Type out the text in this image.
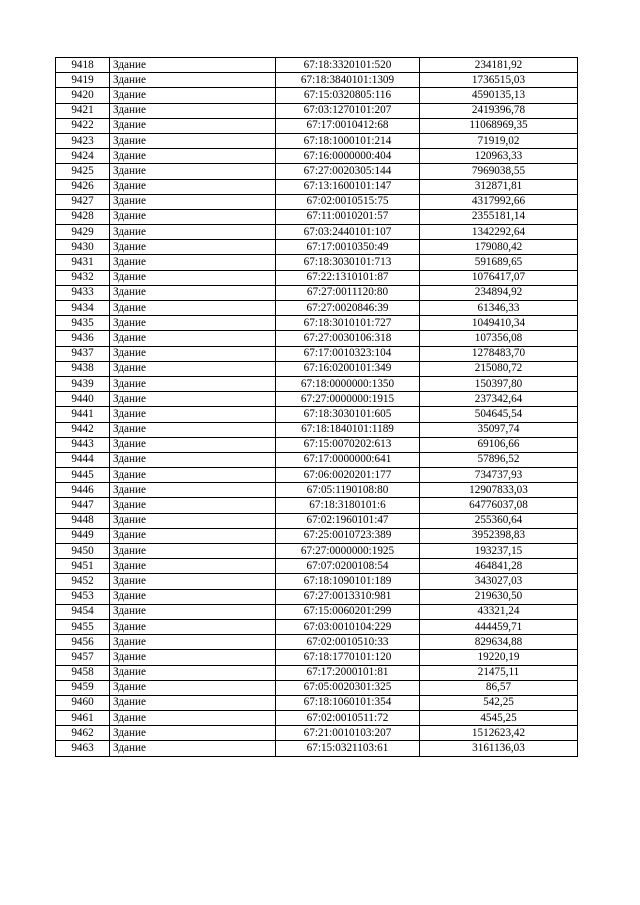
9418	Здание	67:18:3320101:520	234181,92
9419	Здание	67:18:3840101:1309	1736515,03
9420	Здание	67:15:0320805:116	4590135,13
9421	Здание	67:03:1270101:207	2419396,78
9422	Здание	67:17:0010412:68	11068969,35
9423	Здание	67:18:1000101:214	71919,02
9424	Здание	67:16:0000000:404	120963,33
9425	Здание	67:27:0020305:144	7969038,55
9426	Здание	67:13:1600101:147	312871,81
9427	Здание	67:02:0010515:75	4317992,66
9428	Здание	67:11:0010201:57	2355181,14
9429	Здание	67:03:2440101:107	1342292,64
9430	Здание	67:17:0010350:49	179080,42
9431	Здание	67:18:3030101:713	591689,65
9432	Здание	67:22:1310101:87	1076417,07
9433	Здание	67:27:0011120:80	234894,92
9434	Здание	67:27:0020846:39	61346,33
9435	Здание	67:18:3010101:727	1049410,34
9436	Здание	67:27:0030106:318	107356,08
9437	Здание	67:17:0010323:104	1278483,70
9438	Здание	67:16:0200101:349	215080,72
9439	Здание	67:18:0000000:1350	150397,80
9440	Здание	67:27:0000000:1915	237342,64
9441	Здание	67:18:3030101:605	504645,54
9442	Здание	67:18:1840101:1189	35097,74
9443	Здание	67:15:0070202:613	69106,66
9444	Здание	67:17:0000000:641	57896,52
9445	Здание	67:06:0020201:177	734737,93
9446	Здание	67:05:1190108:80	12907833,03
9447	Здание	67:18:3180101:6	64776037,08
9448	Здание	67:02:1960101:47	255360,64
9449	Здание	67:25:0010723:389	3952398,83
9450	Здание	67:27:0000000:1925	193237,15
9451	Здание	67:07:0200108:54	464841,28
9452	Здание	67:18:1090101:189	343027,03
9453	Здание	67:27:0013310:981	219630,50
9454	Здание	67:15:0060201:299	43321,24
9455	Здание	67:03:0010104:229	444459,71
9456	Здание	67:02:0010510:33	829634,88
9457	Здание	67:18:1770101:120	19220,19
9458	Здание	67:17:2000101:81	21475,11
9459	Здание	67:05:0020301:325	86,57
9460	Здание	67:18:1060101:354	542,25
9461	Здание	67:02:0010511:72	4545,25
9462	Здание	67:21:0010103:207	1512623,42
9463	Здание	67:15:0321103:61	3161136,03
